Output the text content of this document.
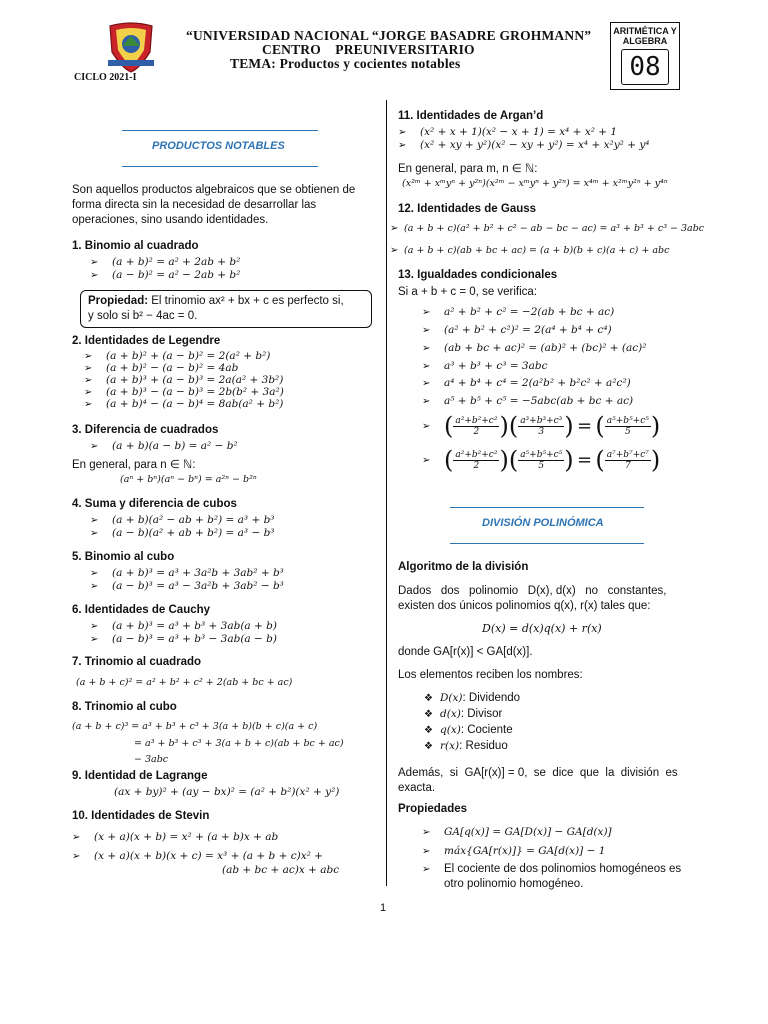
“UNIVERSIDAD NACIONAL “JORGE BASADRE GROHMANN”
CENTRO    PREUNIVERSITARIO
TEMA: Productos y cocientes notables
CICLO 2021-I
ARITMÉTICA Y ALGEBRA
08
PRODUCTOS NOTABLES
Son aquellos productos algebraicos que se obtienen de forma directa sin la necesidad de desarrollar las operaciones, sino usando identidades.
1. Binomio al cuadrado
➢ (a + b)² = a² + 2ab + b²
➢ (a − b)² = a² − 2ab + b²
Propiedad: El trinomio ax² + bx + c es perfecto si,
y solo si b² − 4ac = 0.
2. Identidades de Legendre
➢ (a + b)² + (a − b)² = 2(a² + b²)
➢ (a + b)² − (a − b)² = 4ab
➢ (a + b)³ + (a − b)³ = 2a(a² + 3b²)
➢ (a + b)³ − (a − b)³ = 2b(b² + 3a²)
➢ (a + b)⁴ − (a − b)⁴ = 8ab(a² + b²)
3. Diferencia de cuadrados
➢ (a + b)(a − b) = a² − b²
En general, para n ∈ ℕ:
(aⁿ + bⁿ)(aⁿ − bⁿ) = a²ⁿ − b²ⁿ
4. Suma y diferencia de cubos
➢ (a + b)(a² − ab + b²) = a³ + b³
➢ (a − b)(a² + ab + b²) = a³ − b³
5. Binomio al cubo
➢ (a + b)³ = a³ + 3a²b + 3ab² + b³
➢ (a − b)³ = a³ − 3a²b + 3ab² − b³
6. Identidades de Cauchy
➢ (a + b)³ = a³ + b³ + 3ab(a + b)
➢ (a − b)³ = a³ + b³ − 3ab(a − b)
7. Trinomio al cuadrado
(a + b + c)² = a² + b² + c² + 2(ab + bc + ac)
8. Trinomio al cubo
(a + b + c)³ = a³ + b³ + c³ + 3(a + b)(b + c)(a + c)
= a³ + b³ + c³ + 3(a + b + c)(ab + bc + ac)
− 3abc
9. Identidad de Lagrange
(ax + by)² + (ay − bx)² = (a² + b²)(x² + y²)
10. Identidades de Stevin
➢ (x + a)(x + b) = x² + (a + b)x + ab
➢ (x + a)(x + b)(x + c) = x³ + (a + b + c)x² +
(ab + bc + ac)x + abc
11. Identidades de Argan’d
➢ (x² + x + 1)(x² − x + 1) = x⁴ + x² + 1
➢ (x² + xy + y²)(x² − xy + y²) = x⁴ + x²y² + y⁴
En general, para m, n ∈ ℕ:
(x²ᵐ + xᵐyⁿ + y²ⁿ)(x²ᵐ − xᵐyⁿ + y²ⁿ) = x⁴ᵐ + x²ᵐy²ⁿ + y⁴ⁿ
12. Identidades de Gauss
➢ (a + b + c)(a² + b² + c² − ab − bc − ac) = a³ + b³ + c³ − 3abc
➢ (a + b + c)(ab + bc + ac) = (a + b)(b + c)(a + c) + abc
13. Igualdades condicionales
Si a + b + c = 0, se verifica:
➢ a² + b² + c² = −2(ab + bc + ac)
➢ (a² + b² + c²)² = 2(a⁴ + b⁴ + c⁴)
➢ (ab + bc + ac)² = (ab)² + (bc)² + (ac)²
➢ a³ + b³ + c³ = 3abc
➢ a⁴ + b⁴ + c⁴ = 2(a²b² + b²c² + a²c²)
➢ a⁵ + b⁵ + c⁵ = −5abc(ab + bc + ac)
➢ ( $\frac{\text{a²+b²+c²}}{2}$ )( $\frac{\text{a³+b³+c³}}{3}$ ) = ( $\frac{\text{a⁵+b⁵+c⁵}}{5}$ )
➢ ( $\frac{\text{a²+b²+c²}}{2}$ )( $\frac{\text{a⁵+b⁵+c⁵}}{5}$ ) = ( $\frac{\text{a⁷+b⁷+c⁷}}{7}$ )
DIVISIÓN POLINÓMICA
Algoritmo de la división
Dados   dos   polinomio   D(x), d(x)   no   constantes,
existen dos únicos polinomios q(x), r(x) tales que:
D(x) = d(x)q(x) + r(x)
donde GA[r(x)] < GA[d(x)].
Los elementos reciben los nombres:
❖ D(x): Dividendo
❖ d(x): Divisor
❖ q(x): Cociente
❖ r(x): Residuo
Además,  si  GA[r(x)] = 0,  se  dice  que  la  división  es
exacta.
Propiedades
➢ GA[q(x)] = GA[D(x)] − GA[d(x)]
➢ máx{GA[r(x)]} = GA[d(x)] − 1
➢ El cociente de dos polinomios homogéneos es
otro polinomio homogéneo.
1
